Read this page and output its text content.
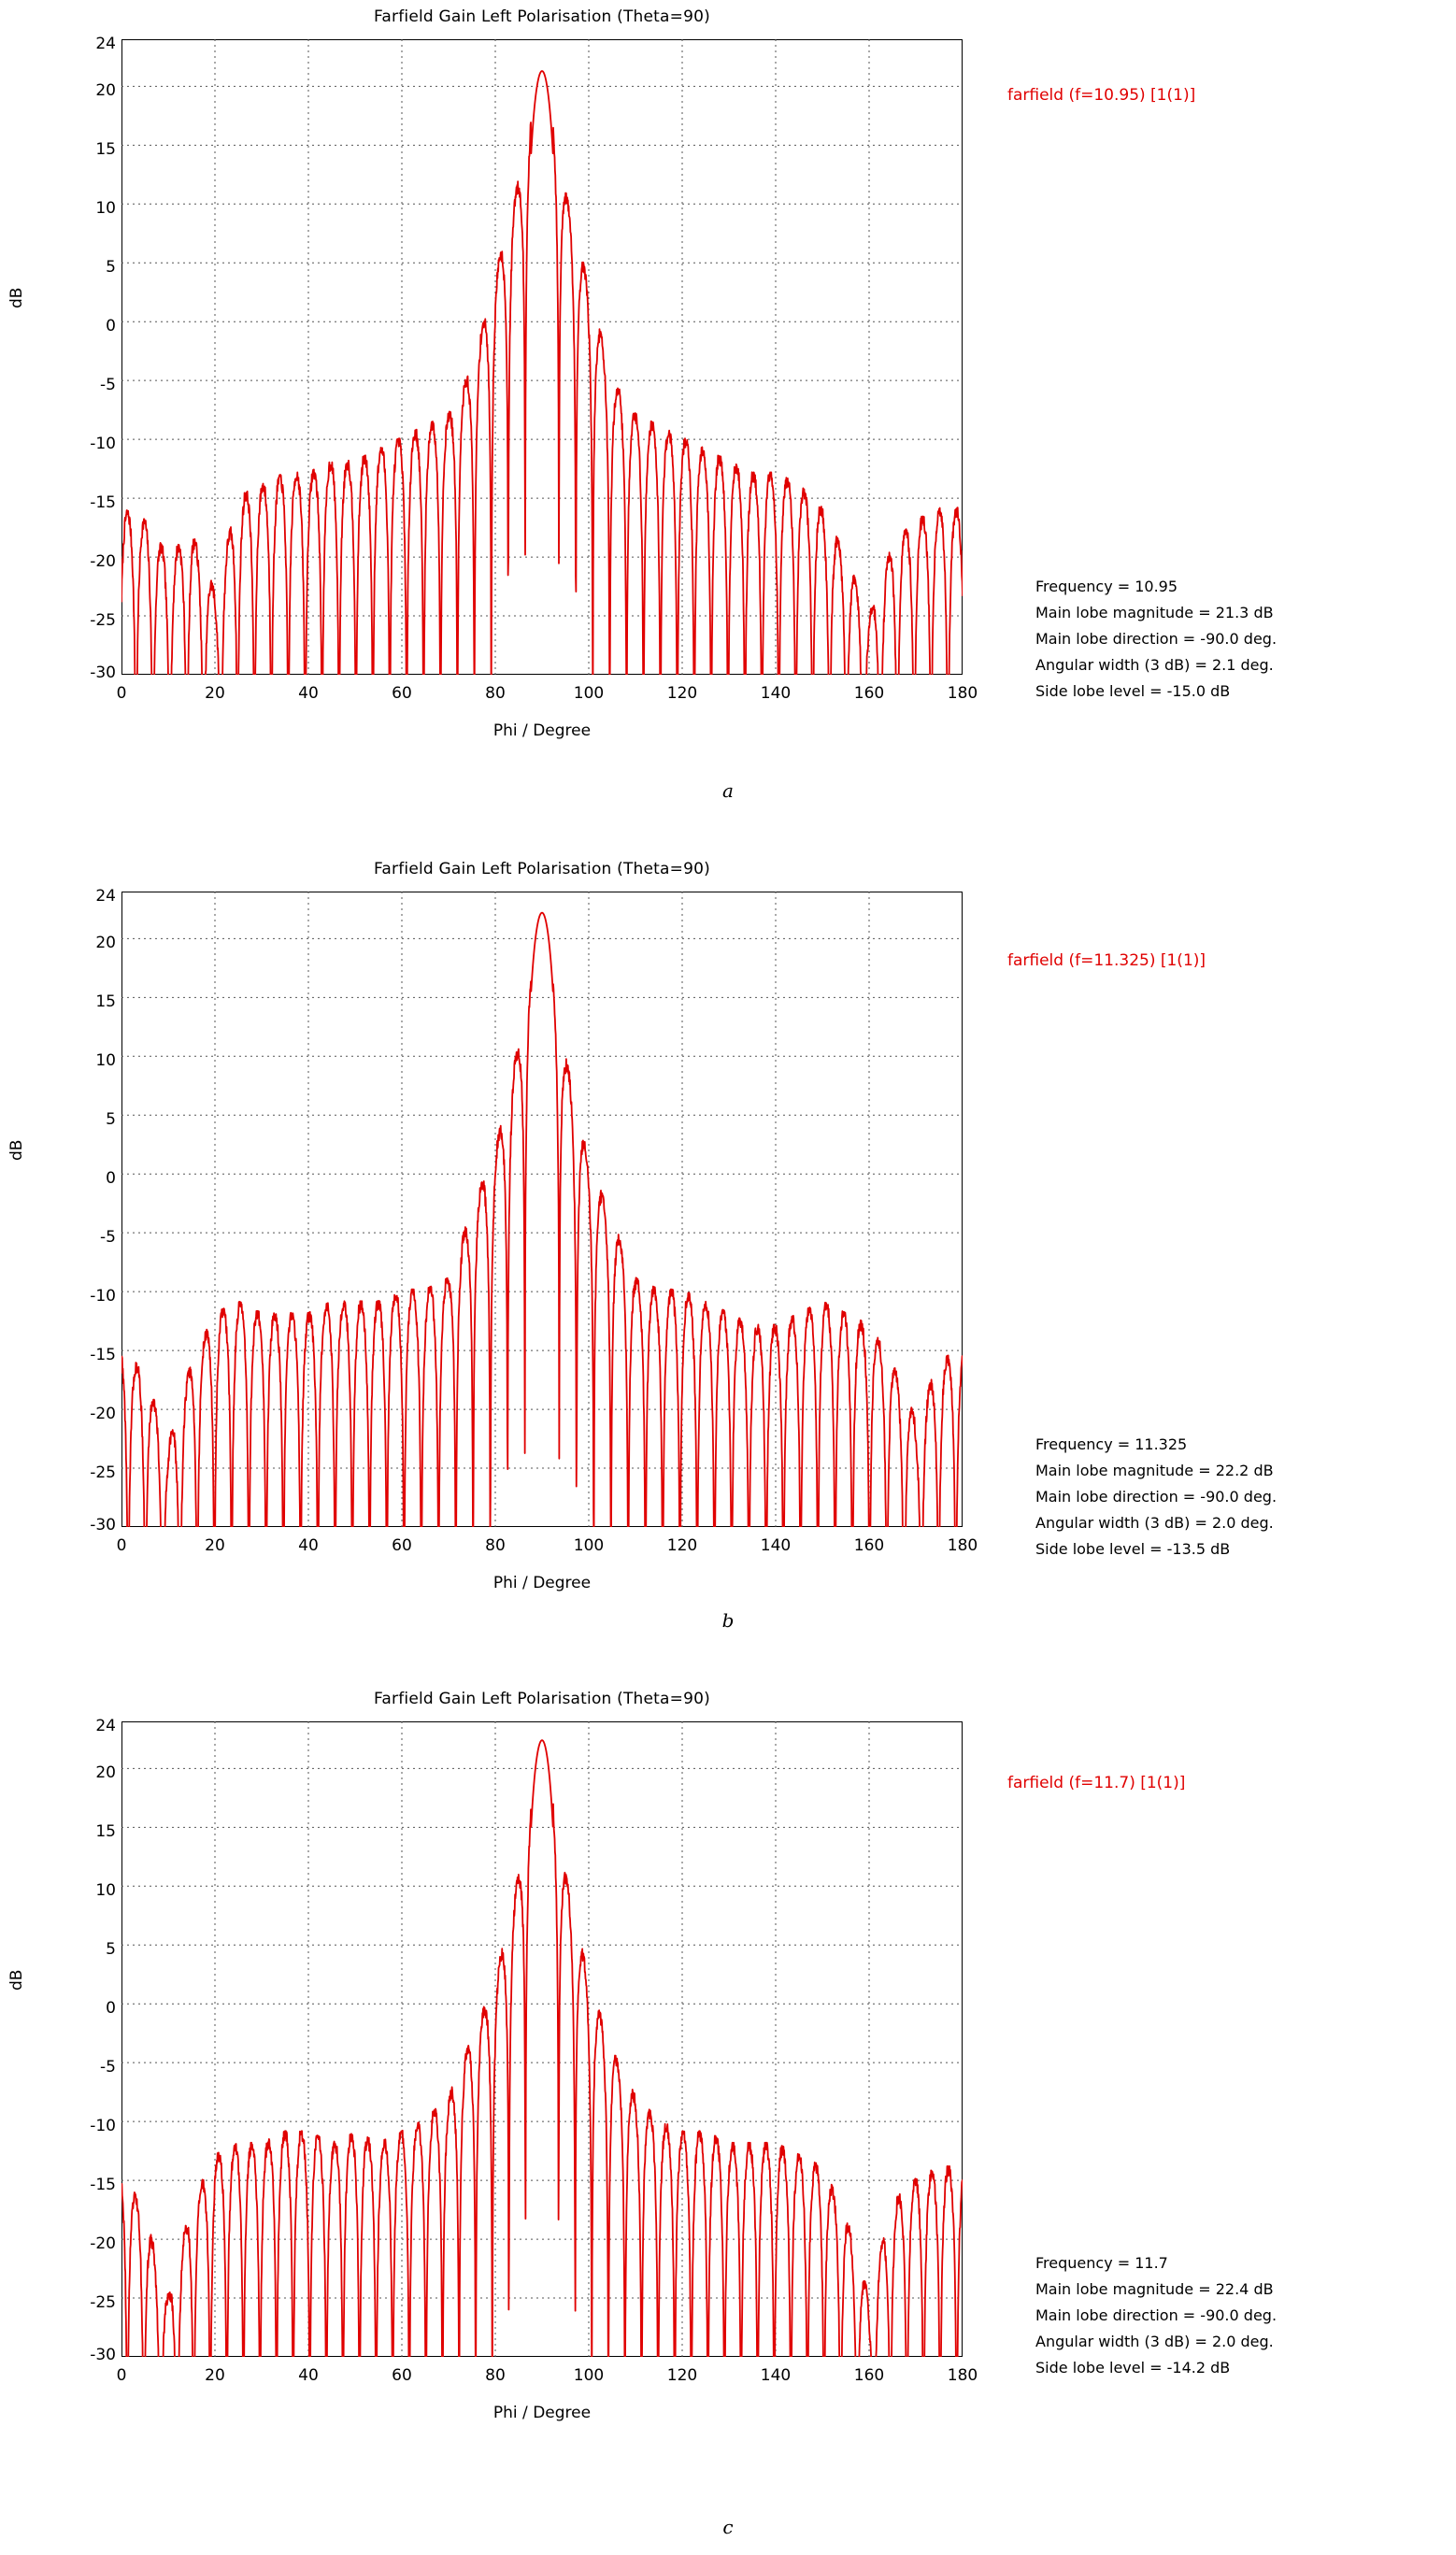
Farfield Gain Left Polarisation (Theta=90)
dB
24
20
15
10
5
0
-5
-10
-15
-20
-25
-30
0	20	40	60	80	100	120	140	160	180
Phi / Degree
farfield (f=10.95) [1(1)]
Frequency = 10.95
Main lobe magnitude = 21.3 dB
Main lobe direction = -90.0 deg.
Angular width (3 dB) = 2.1 deg.
Side lobe level = -15.0 dB
a
Farfield Gain Left Polarisation (Theta=90)
dB
24
20
15
10
5
0
-5
-10
-15
-20
-25
-30
0	20	40	60	80	100	120	140	160	180
Phi / Degree
farfield (f=11.325) [1(1)]
Frequency = 11.325
Main lobe magnitude = 22.2 dB
Main lobe direction = -90.0 deg.
Angular width (3 dB) = 2.0 deg.
Side lobe level = -13.5 dB
b
Farfield Gain Left Polarisation (Theta=90)
dB
24
20
15
10
5
0
-5
-10
-15
-20
-25
-30
0	20	40	60	80	100	120	140	160	180
Phi / Degree
farfield (f=11.7) [1(1)]
Frequency = 11.7
Main lobe magnitude = 22.4 dB
Main lobe direction = -90.0 deg.
Angular width (3 dB) = 2.0 deg.
Side lobe level = -14.2 dB
c
